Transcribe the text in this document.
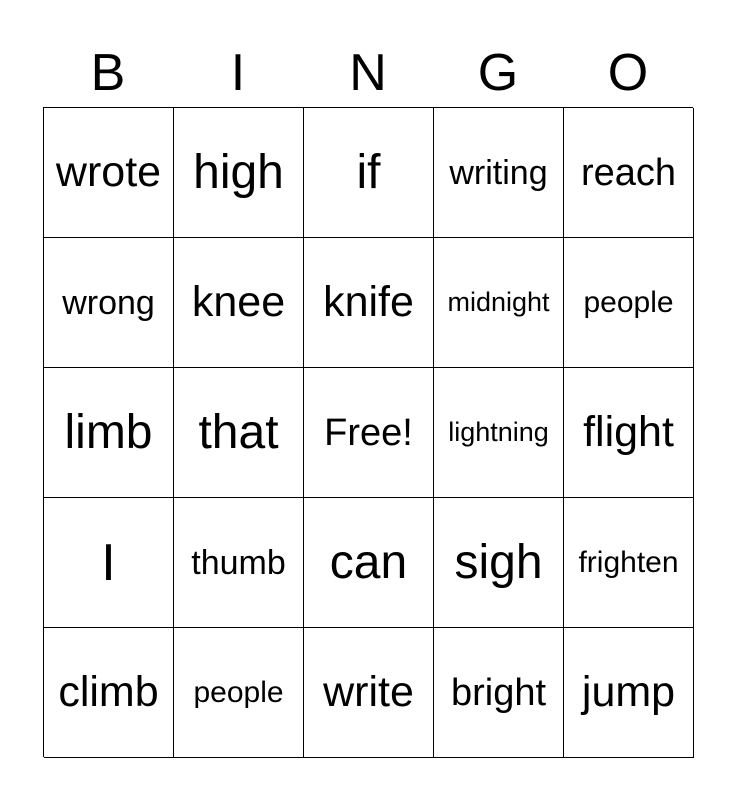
B	I	N	G	O
wrote high if writing reach
wrong knee knife midnight people
limb that Free! lightning flight
I thumb can sigh frighten
climb people write bright jump
